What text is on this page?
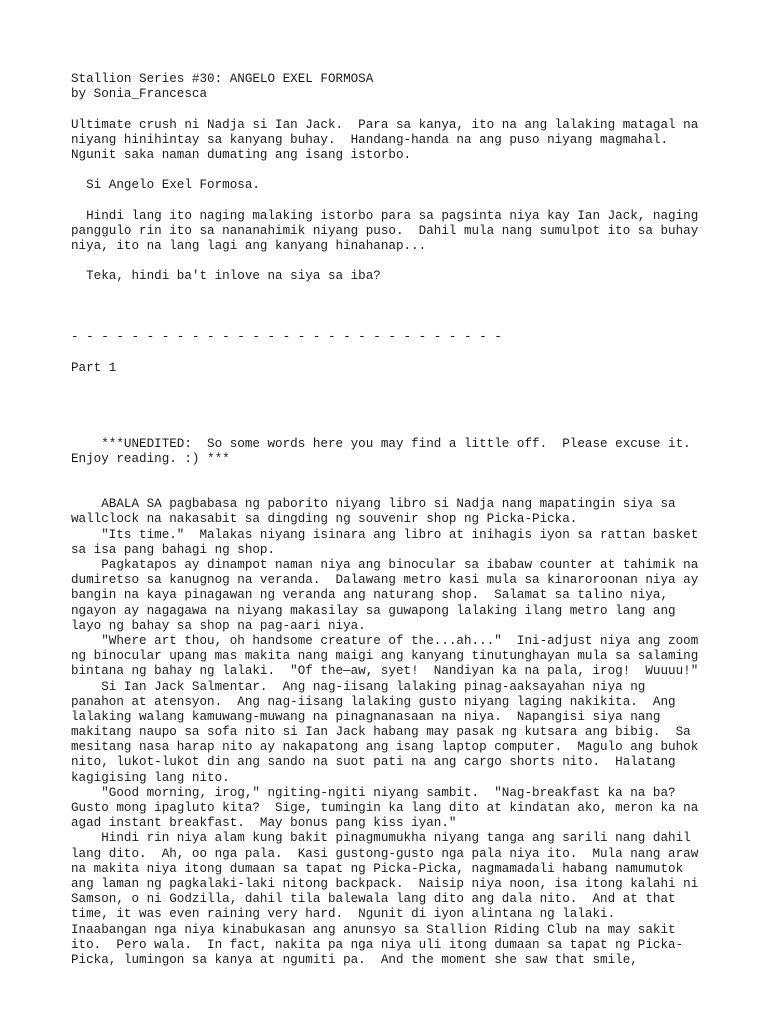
Stallion Series #30: ANGELO EXEL FORMOSA
by Sonia_Francesca
Ultimate crush ni Nadja si Ian Jack.  Para sa kanya, ito na ang lalaking matagal na
niyang hinihintay sa kanyang buhay.  Handang-handa na ang puso niyang magmahal.
Ngunit saka naman dumating ang isang istorbo.
Si Angelo Exel Formosa.
Hindi lang ito naging malaking istorbo para sa pagsinta niya kay Ian Jack, naging
panggulo rin ito sa nananahimik niyang puso.  Dahil mula nang sumulpot ito sa buhay
niya, ito na lang lagi ang kanyang hinahanap...
Teka, hindi ba't inlove na siya sa iba?
- - - - - - - - - - - - - - - - - - - - - - - - - - - - -
Part 1
***UNEDITED:  So some words here you may find a little off.  Please excuse it.
Enjoy reading. :) ***
ABALA SA pagbabasa ng paborito niyang libro si Nadja nang mapatingin siya sa
wallclock na nakasabit sa dingding ng souvenir shop ng Picka-Picka.
"Its time."  Malakas niyang isinara ang libro at inihagis iyon sa rattan basket
sa isa pang bahagi ng shop.
Pagkatapos ay dinampot naman niya ang binocular sa ibabaw counter at tahimik na
dumiretso sa kanugnog na veranda.  Dalawang metro kasi mula sa kinaroroonan niya ay
bangin na kaya pinagawan ng veranda ang naturang shop.  Salamat sa talino niya,
ngayon ay nagagawa na niyang makasilay sa guwapong lalaking ilang metro lang ang
layo ng bahay sa shop na pag-aari niya.
"Where art thou, oh handsome creature of the...ah..."  Ini-adjust niya ang zoom
ng binocular upang mas makita nang maigi ang kanyang tinutunghayan mula sa salaming
bintana ng bahay ng lalaki.  "Of the—aw, syet!  Nandiyan ka na pala, irog!  Wuuuu!"
Si Ian Jack Salmentar.  Ang nag-iisang lalaking pinag-aaksayahan niya ng
panahon at atensyon.  Ang nag-iisang lalaking gusto niyang laging nakikita.  Ang
lalaking walang kamuwang-muwang na pinagnanasaan na niya.  Napangisi siya nang
makitang naupo sa sofa nito si Ian Jack habang may pasak ng kutsara ang bibig.  Sa
mesitang nasa harap nito ay nakapatong ang isang laptop computer.  Magulo ang buhok
nito, lukot-lukot din ang sando na suot pati na ang cargo shorts nito.  Halatang
kagigising lang nito.
"Good morning, irog," ngiting-ngiti niyang sambit.  "Nag-breakfast ka na ba?
Gusto mong ipagluto kita?  Sige, tumingin ka lang dito at kindatan ako, meron ka na
agad instant breakfast.  May bonus pang kiss iyan."
Hindi rin niya alam kung bakit pinagmumukha niyang tanga ang sarili nang dahil
lang dito.  Ah, oo nga pala.  Kasi gustong-gusto nga pala niya ito.  Mula nang araw
na makita niya itong dumaan sa tapat ng Picka-Picka, nagmamadali habang namumutok
ang laman ng pagkalaki-laki nitong backpack.  Naisip niya noon, isa itong kalahi ni
Samson, o ni Godzilla, dahil tila balewala lang dito ang dala nito.  And at that
time, it was even raining very hard.  Ngunit di iyon alintana ng lalaki.
Inaabangan nga niya kinabukasan ang anunsyo sa Stallion Riding Club na may sakit
ito.  Pero wala.  In fact, nakita pa nga niya uli itong dumaan sa tapat ng Picka-
Picka, lumingon sa kanya at ngumiti pa.  And the moment she saw that smile,
